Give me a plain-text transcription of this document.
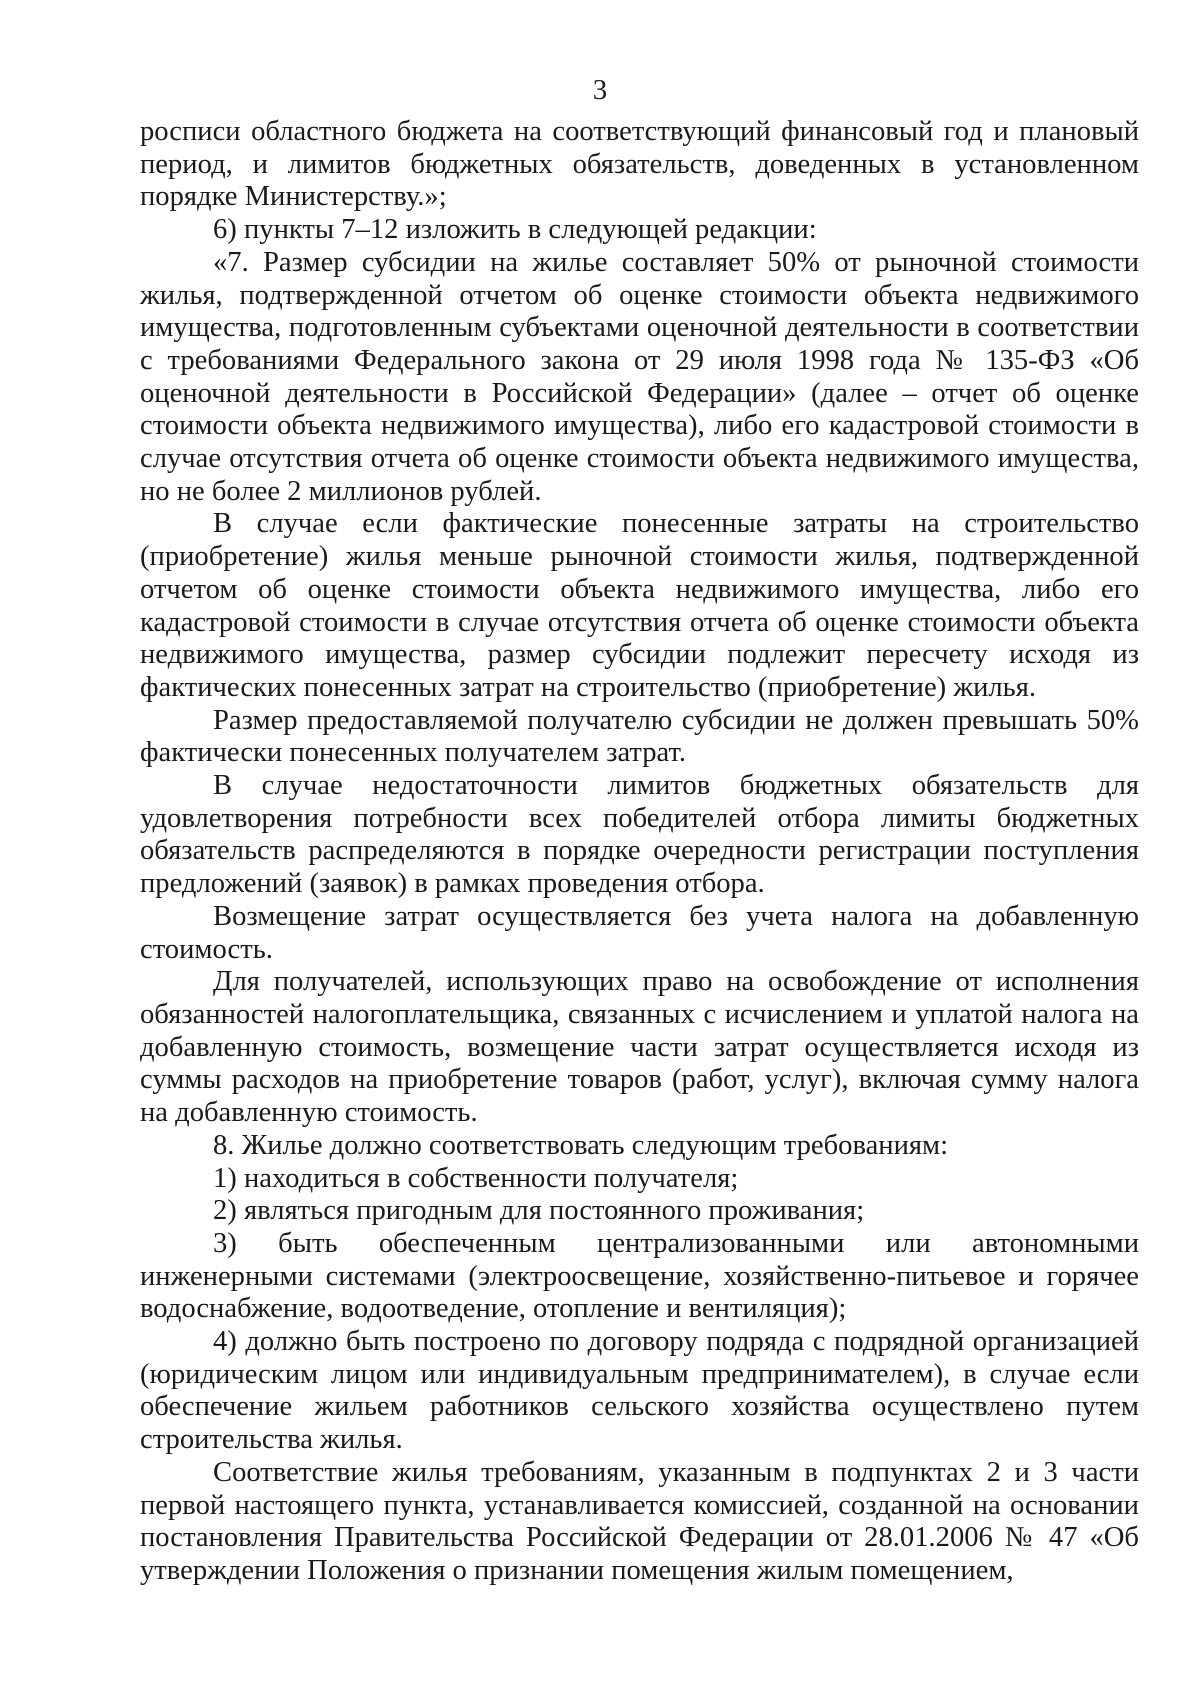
3

росписи областного бюджета на соответствующий финансовый год и плановый период, и лимитов бюджетных обязательств, доведенных в установленном порядке Министерству.»;

6) пункты 7–12 изложить в следующей редакции:

«7. Размер субсидии на жилье составляет 50% от рыночной стоимости жилья, подтвержденной отчетом об оценке стоимости объекта недвижимого имущества, подготовленным субъектами оценочной деятельности в соответствии с требованиями Федерального закона от 29 июля 1998 года № 135-ФЗ «Об оценочной деятельности в Российской Федерации» (далее – отчет об оценке стоимости объекта недвижимого имущества), либо его кадастровой стоимости в случае отсутствия отчета об оценке стоимости объекта недвижимого имущества, но не более 2 миллионов рублей.

В случае если фактические понесенные затраты на строительство (приобретение) жилья меньше рыночной стоимости жилья, подтвержденной отчетом об оценке стоимости объекта недвижимого имущества, либо его кадастровой стоимости в случае отсутствия отчета об оценке стоимости объекта недвижимого имущества, размер субсидии подлежит пересчету исходя из фактических понесенных затрат на строительство (приобретение) жилья.

Размер предоставляемой получателю субсидии не должен превышать 50% фактически понесенных получателем затрат.

В случае недостаточности лимитов бюджетных обязательств для удовлетворения потребности всех победителей отбора лимиты бюджетных обязательств распределяются в порядке очередности регистрации поступления предложений (заявок) в рамках проведения отбора.

Возмещение затрат осуществляется без учета налога на добавленную стоимость.

Для получателей, использующих право на освобождение от исполнения обязанностей налогоплательщика, связанных с исчислением и уплатой налога на добавленную стоимость, возмещение части затрат осуществляется исходя из суммы расходов на приобретение товаров (работ, услуг), включая сумму налога на добавленную стоимость.

8. Жилье должно соответствовать следующим требованиям:

1) находиться в собственности получателя;

2) являться пригодным для постоянного проживания;

3) быть обеспеченным централизованными или автономными инженерными системами (электроосвещение, хозяйственно-питьевое и горячее водоснабжение, водоотведение, отопление и вентиляция);

4) должно быть построено по договору подряда с подрядной организацией (юридическим лицом или индивидуальным предпринимателем), в случае если обеспечение жильем работников сельского хозяйства осуществлено путем строительства жилья.

Соответствие жилья требованиям, указанным в подпунктах 2 и 3 части первой настоящего пункта, устанавливается комиссией, созданной на основании постановления Правительства Российской Федерации от 28.01.2006 № 47 «Об утверждении Положения о признании помещения жилым помещением,
